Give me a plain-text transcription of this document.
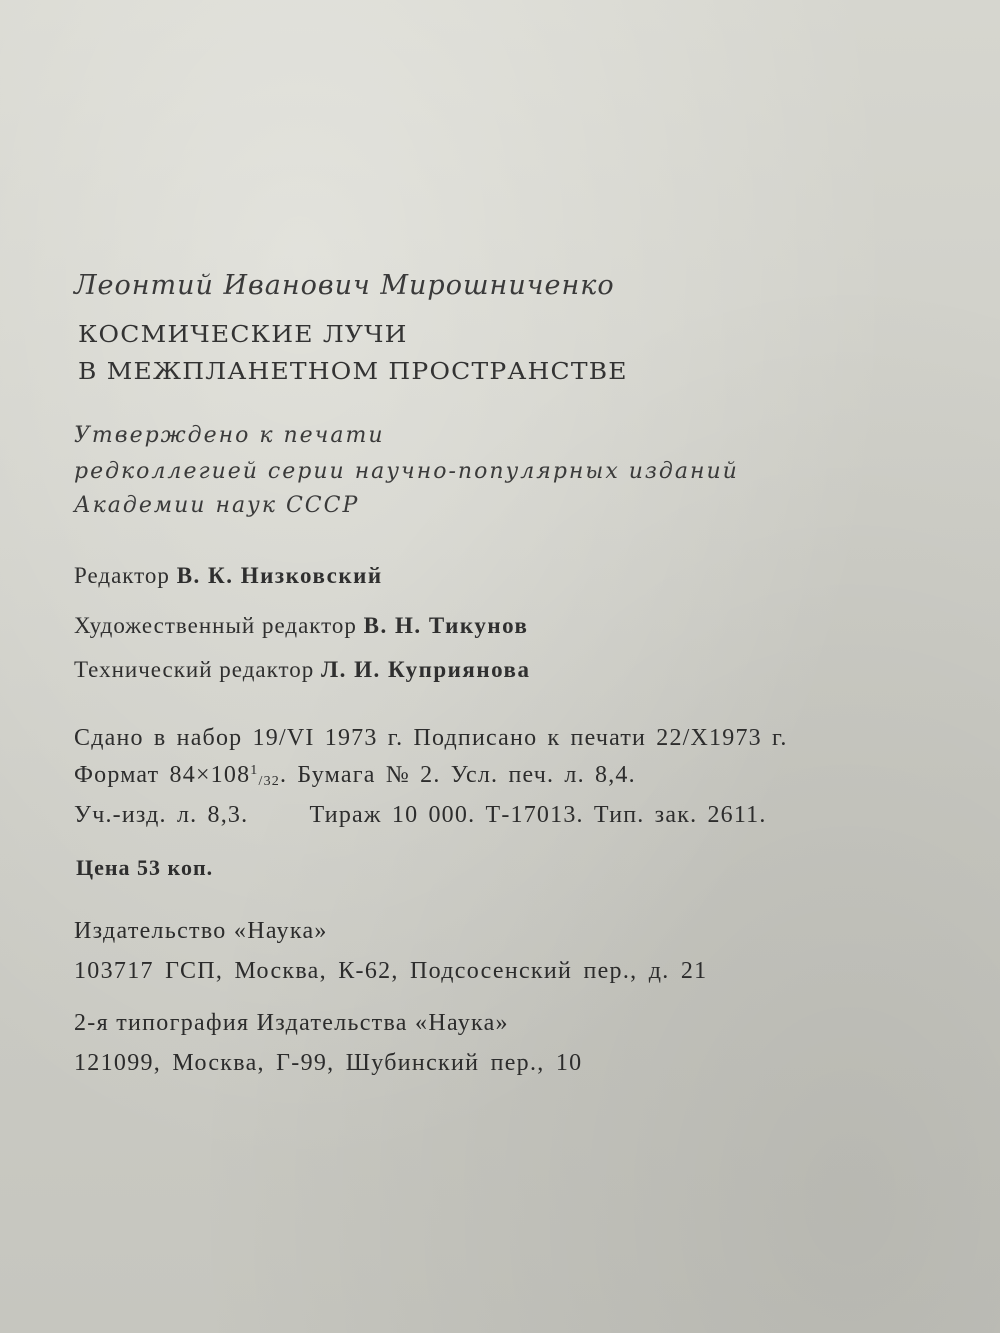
Леонтий Иванович Мирошниченко
КОСМИЧЕСКИЕ ЛУЧИ
В МЕЖПЛАНЕТНОМ ПРОСТРАНСТВЕ
Утверждено к печати
редколлегией серии научно-популярных изданий
Академии наук СССР
Редактор В. К. Низковский
Художественный редактор В. Н. Тикунов
Технический редактор Л. И. Куприянова
Сдано в набор 19/VI 1973 г. Подписано к печати 22/X1973 г.
Формат $84\times 108^1/32$. Бумага № 2. Усл. печ. л. 8,4.
Уч.-изд. л. 8,3.      Тираж 10 000. Т-17013. Тип. зак. 2611.
Цена 53 коп.
Издательство «Наука»
103717 ГСП, Москва, К-62, Подсосенский пер., д. 21
2-я типография Издательства «Наука»
121099, Москва, Г-99, Шубинский пер., 10
